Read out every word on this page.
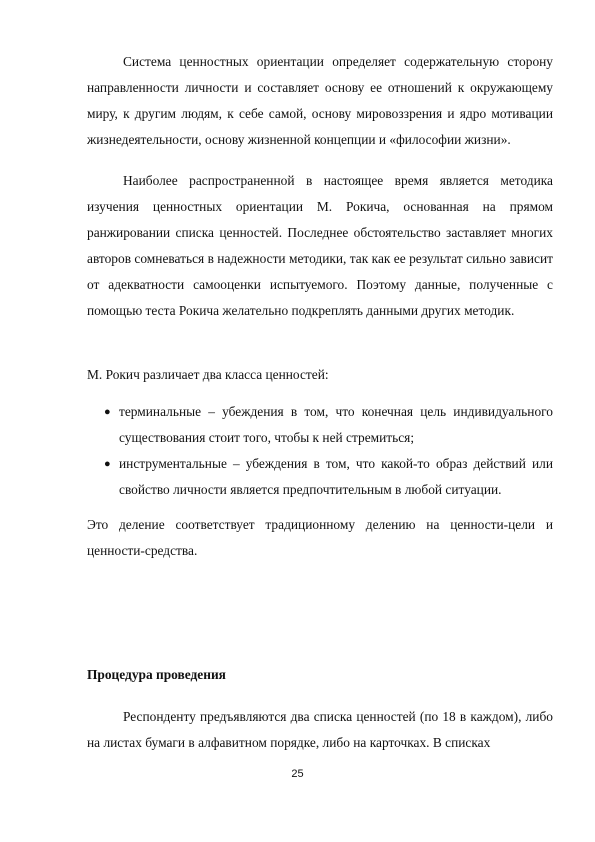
Система ценностных ориентации определяет содержательную сторону направленности личности и составляет основу ее отношений к окружающему миру, к другим людям, к себе самой, основу мировоззрения и ядро мотивации жизнедеятельности, основу жизненной концепции и «философии жизни».

Наиболее распространенной в настоящее время является методика изучения ценностных ориентации М. Рокича, основанная на прямом ранжировании списка ценностей. Последнее обстоятельство заставляет многих авторов сомневаться в надежности методики, так как ее результат сильно зависит от адекватности самооценки испытуемого. Поэтому данные, полученные с помощью теста Рокича желательно подкреплять данными других методик.

М. Рокич различает два класса ценностей:

● терминальные – убеждения в том, что конечная цель индивидуального существования стоит того, чтобы к ней стремиться;
● инструментальные – убеждения в том, что какой-то образ действий или свойство личности является предпочтительным в любой ситуации.

Это деление соответствует традиционному делению на ценности-цели и ценности-средства.

Процедура проведения

Респонденту предъявляются два списка ценностей (по 18 в каждом), либо на листах бумаги в алфавитном порядке, либо на карточках. В списках

25
